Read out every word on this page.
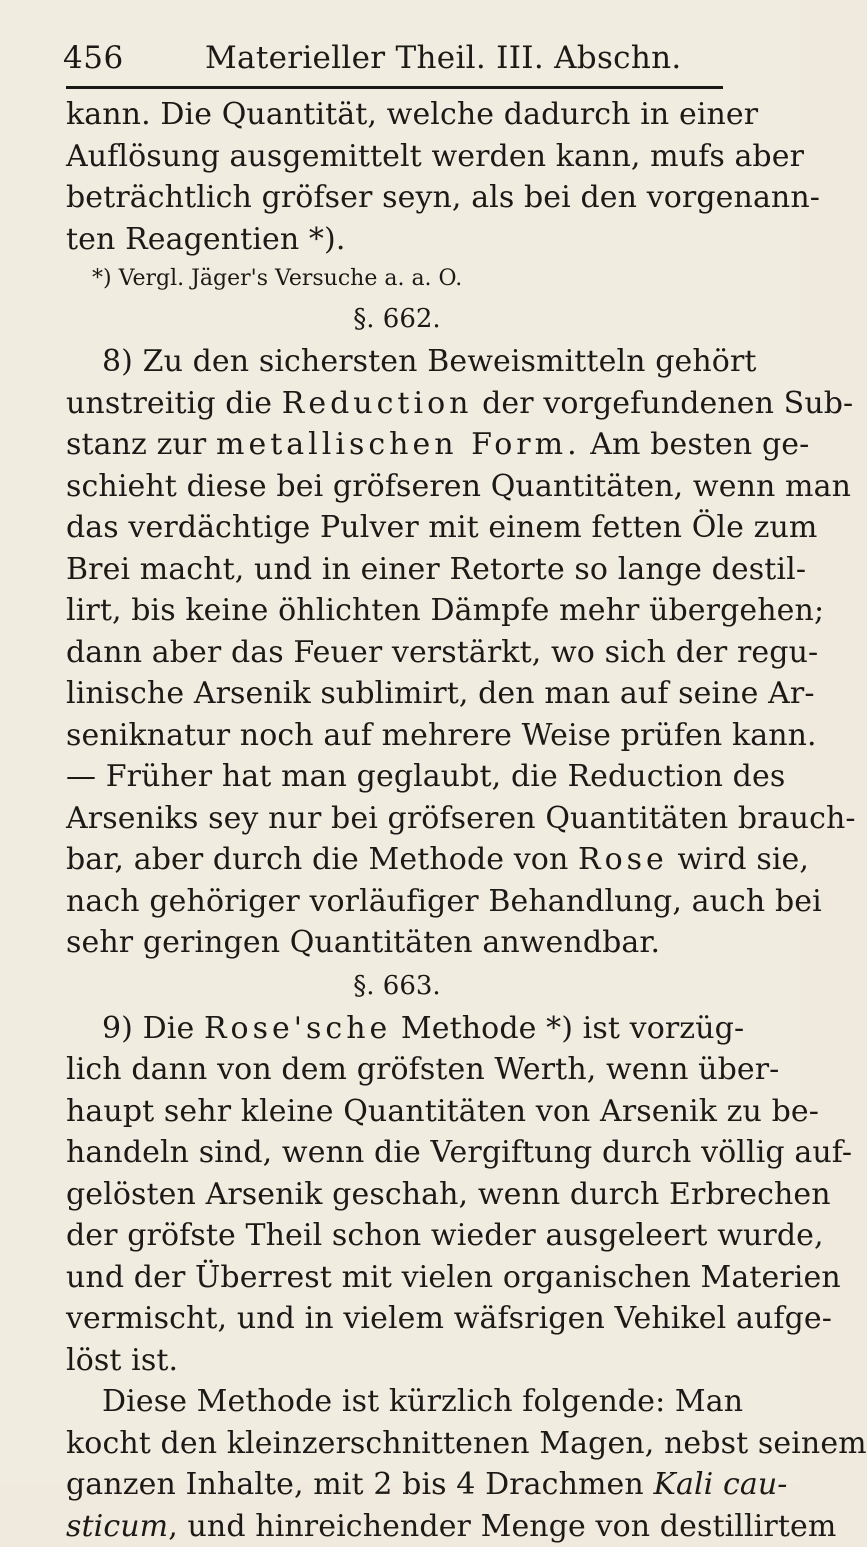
456	Materieller Theil. III. Abschn.
kann. Die Quantität, welche dadurch in einer
Auflösung ausgemittelt werden kann, mufs aber
beträchtlich gröfser seyn, als bei den vorgenann-
ten Reagentien *).
*) Vergl. Jäger's Versuche a. a. O.
§. 662.
8) Zu den sichersten Beweismitteln gehört
unstreitig die Reduction der vorgefundenen Sub-
stanz zur metallischen Form. Am besten ge-
schieht diese bei gröfseren Quantitäten, wenn man
das verdächtige Pulver mit einem fetten Öle zum
Brei macht, und in einer Retorte so lange destil-
lirt, bis keine öhlichten Dämpfe mehr übergehen;
dann aber das Feuer verstärkt, wo sich der regu-
linische Arsenik sublimirt, den man auf seine Ar-
seniknatur noch auf mehrere Weise prüfen kann.
— Früher hat man geglaubt, die Reduction des
Arseniks sey nur bei gröfseren Quantitäten brauch-
bar, aber durch die Methode von Rose wird sie,
nach gehöriger vorläufiger Behandlung, auch bei
sehr geringen Quantitäten anwendbar.
§. 663.
9) Die Rose'sche Methode *) ist vorzüg-
lich dann von dem gröfsten Werth, wenn über-
haupt sehr kleine Quantitäten von Arsenik zu be-
handeln sind, wenn die Vergiftung durch völlig auf-
gelösten Arsenik geschah, wenn durch Erbrechen
der gröfste Theil schon wieder ausgeleert wurde,
und der Überrest mit vielen organischen Materien
vermischt, und in vielem wäfsrigen Vehikel aufge-
löst ist.
Diese Methode ist kürzlich folgende: Man
kocht den kleinzerschnittenen Magen, nebst seinem
ganzen Inhalte, mit 2 bis 4 Drachmen Kali cau-
sticum, und hinreichender Menge von destillirtem
